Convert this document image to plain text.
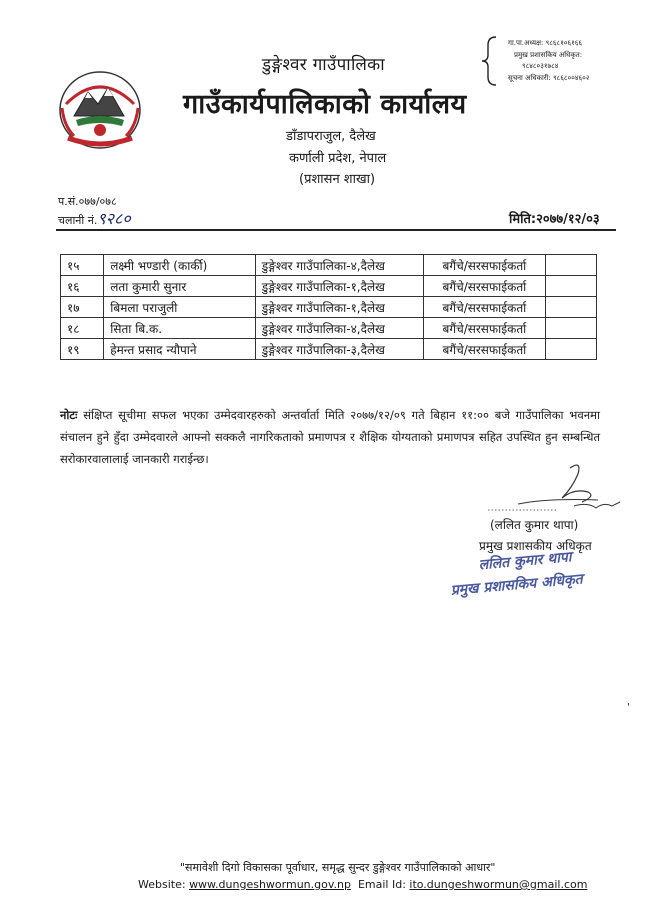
डुङ्गेश्वर गाउँपालिका
गाउँकार्यपालिकाको कार्यालय
डाँडापराजुल, दैलेख
कर्णाली प्रदेश, नेपाल
(प्रशासन शाखा)
गा.पा.अध्यक्ष: ९८६८१०६१६६
प्रमुख प्रशासकिय अधिकृत:
९८४८०३१७८४
सूचना अधिकारी: ९८६८००४६०२
प.सं.०७७/०७८
चलानी नं.९२८०	मिति:२०७७/१२/०३
१५	लक्ष्मी भण्डारी (कार्की)	डुङ्गेश्वर गाउँपालिका-४,दैलेख	बगैंचे/सरसफाईकर्ता	
१६	लता कुमारी सुनार	डुङ्गेश्वर गाउँपालिका-१,दैलेख	बगैंचे/सरसफाईकर्ता	
१७	बिमला पराजुली	डुङ्गेश्वर गाउँपालिका-१,दैलेख	बगैंचे/सरसफाईकर्ता	
१८	सिता बि.क.	डुङ्गेश्वर गाउँपालिका-४,दैलेख	बगैंचे/सरसफाईकर्ता	
१९	हेमन्त प्रसाद न्यौपाने	डुङ्गेश्वर गाउँपालिका-३,दैलेख	बगैंचे/सरसफाईकर्ता	
नोटः संक्षिप्त सूचीमा सफल भएका उम्मेदवारहरुको अन्तर्वार्ता मिति २०७७/१२/०९ गते बिहान ११:०० बजे गाउँपालिका भवनमा संचालन हुने हुँदा उम्मेदवारले आफ्नो सक्कलै नागरिकताको प्रमाणपत्र र शैक्षिक योग्यताको प्रमाणपत्र सहित उपस्थित हुन सम्बन्धित सरोकारवालालाई जानकारी गराईन्छ।
(ललित कुमार थापा)
प्रमुख प्रशासकीय अधिकृत
ललित कुमार थापा
प्रमुख प्रशासकिय अधिकृत
'
"समावेशी दिगो विकासका पूर्वाधार, समृद्ध सुन्दर डुङ्गेश्वर गाउँपालिकाको आधार"
Website: www.dungeshwormun.gov.np Email Id: ito.dungeshwormun@gmail.com
